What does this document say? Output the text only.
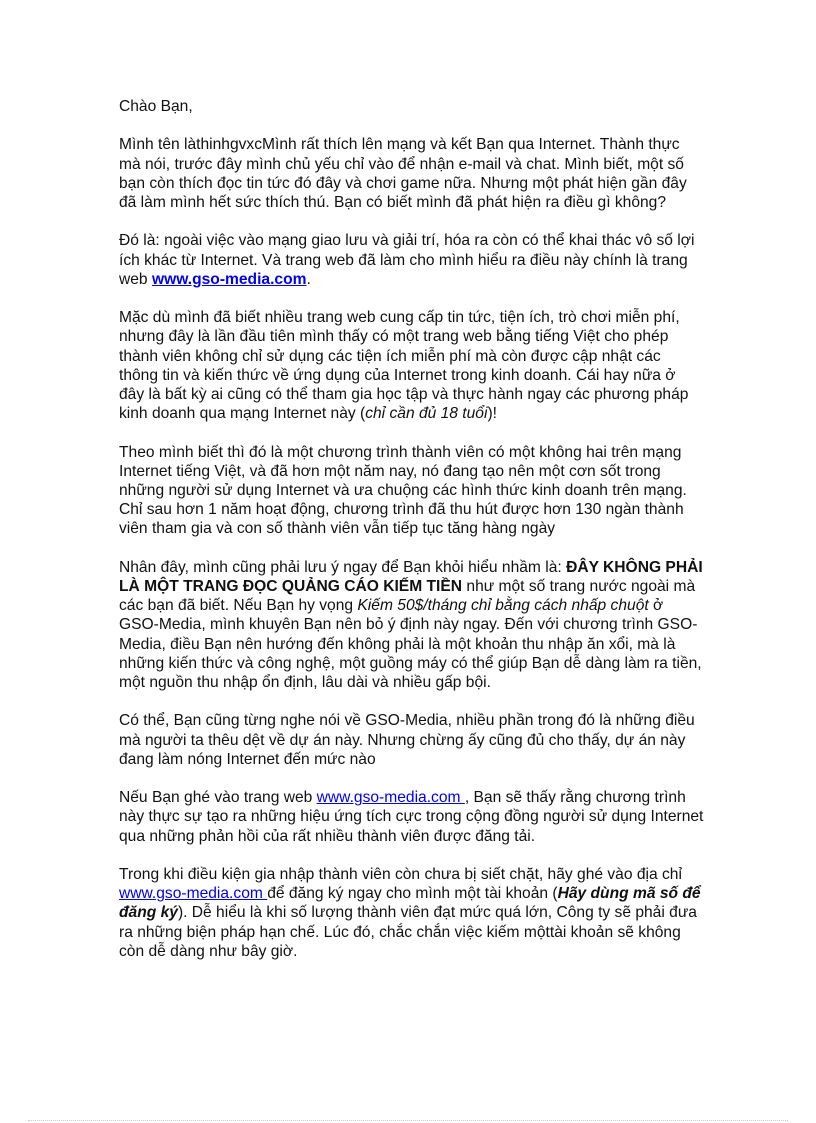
Chào Bạn,

Mình tên làthinhgvxcMình rất thích lên mạng và kết Bạn qua Internet. Thành thực mà nói, trước đây mình chủ yếu chỉ vào để nhận e-mail và chat. Mình biết, một số bạn còn thích đọc tin tức đó đây và chơi game nữa. Nhưng một phát hiện gần đây đã làm mình hết sức thích thú. Bạn có biết mình đã phát hiện ra điều gì không?

Đó là: ngoài việc vào mạng giao lưu và giải trí, hóa ra còn có thể khai thác vô số lợi ích khác từ Internet. Và trang web đã làm cho mình hiểu ra điều này chính là trang web www.gso-media.com.

Mặc dù mình đã biết nhiều trang web cung cấp tin tức, tiện ích, trò chơi miễn phí, nhưng đây là lần đầu tiên mình thấy có một trang web bằng tiếng Việt cho phép thành viên không chỉ sử dụng các tiện ích miễn phí mà còn được cập nhật các thông tin và kiến thức về ứng dụng của Internet trong kinh doanh. Cái hay nữa ở đây là bất kỳ ai cũng có thể tham gia học tập và thực hành ngay các phương pháp kinh doanh qua mạng Internet này (chỉ cần đủ 18 tuổi)!

Theo mình biết thì đó là một chương trình thành viên có một không hai trên mạng Internet tiếng Việt, và đã hơn một năm nay, nó đang tạo nên một cơn sốt trong những người sử dụng Internet và ưa chuộng các hình thức kinh doanh trên mạng. Chỉ sau hơn 1 năm hoạt động, chương trình đã thu hút được hơn 130 ngàn thành viên tham gia và con số thành viên vẫn tiếp tục tăng hàng ngày

Nhân đây, mình cũng phải lưu ý ngay để Bạn khỏi hiểu nhầm là: ĐÂY KHÔNG PHẢI LÀ MỘT TRANG ĐỌC QUẢNG CÁO KIẾM TIỀN như một số trang nước ngoài mà các bạn đã biết. Nếu Bạn hy vọng Kiếm 50$/tháng chỉ bằng cách nhấp chuột ở GSO-Media, mình khuyên Bạn nên bỏ ý định này ngay. Đến với chương trình GSO-Media, điều Bạn nên hướng đến không phải là một khoản thu nhập ăn xổi, mà là những kiến thức và công nghệ, một guồng máy có thể giúp Bạn dễ dàng làm ra tiền, một nguồn thu nhập ổn định, lâu dài và nhiều gấp bội.

Có thể, Bạn cũng từng nghe nói về GSO-Media, nhiều phần trong đó là những điều mà người ta thêu dệt về dự án này. Nhưng chừng ấy cũng đủ cho thấy, dự án này đang làm nóng Internet đến mức nào

Nếu Bạn ghé vào trang web www.gso-media.com , Bạn sẽ thấy rằng chương trình này thực sự tạo ra những hiệu ứng tích cực trong cộng đồng người sử dụng Internet qua những phản hồi của rất nhiều thành viên được đăng tải.

Trong khi điều kiện gia nhập thành viên còn chưa bị siết chặt, hãy ghé vào địa chỉ www.gso-media.com để đăng ký ngay cho mình một tài khoản (Hãy dùng mã số để đăng ký). Dễ hiểu là khi số lượng thành viên đạt mức quá lớn, Công ty sẽ phải đưa ra những biện pháp hạn chế. Lúc đó, chắc chắn việc kiếm mộttài khoản sẽ không còn dễ dàng như bây giờ.
